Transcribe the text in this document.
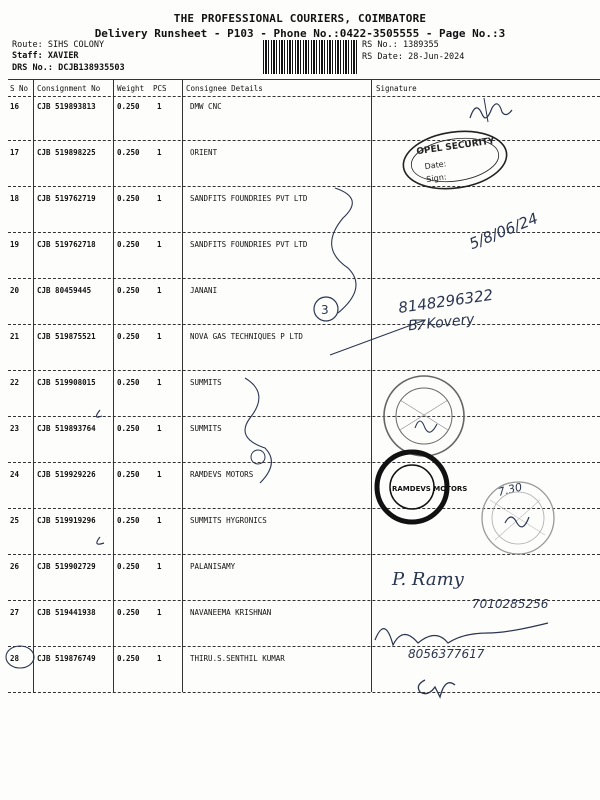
THE PROFESSIONAL COURIERS, COIMBATORE
Delivery Runsheet - P103 - Phone No.:0422-3505555 - Page No.:3
Route: SIHS COLONY
Staff: XAVIER
DRS No.: DCJB138935503
RS No.: 1389355
RS Date: 28-Jun-2024
S No Consignment No Weight PCS	Consignee Details	Signature
16 CJB 519893813	0.250 1	DMW CNC
17 CJB 519898225	0.250 1	ORIENT
18 CJB 519762719	0.250 1	SANDFITS FOUNDRIES PVT LTD
19 CJB 519762718	0.250 1	SANDFITS FOUNDRIES PVT LTD
20 CJB 80459445	0.250 1	JANANI
21 CJB 519875521	0.250 1	NOVA GAS TECHNIQUES P LTD
22 CJB 519908015	0.250 1	SUMMITS
23 CJB 519893764	0.250 1	SUMMITS
24 CJB 519929226	0.250 1	RAMDEVS MOTORS
25 CJB 519919296	0.250 1	SUMMITS HYGRONICS
26 CJB 519902729	0.250 1	PALANISAMY
27 CJB 519441938	0.250 1	NAVANEEMA KRISHNAN
28 CJB 519876749	0.250 1	THIRU.S.SENTHIL KUMAR
OPEL SECURITY
Date:
Sign:
5/8/06/24
3	8148296322
B. Kovery
RAMDEVS MOTORS	7.30
P. Ramy
7010285256
8056377617
